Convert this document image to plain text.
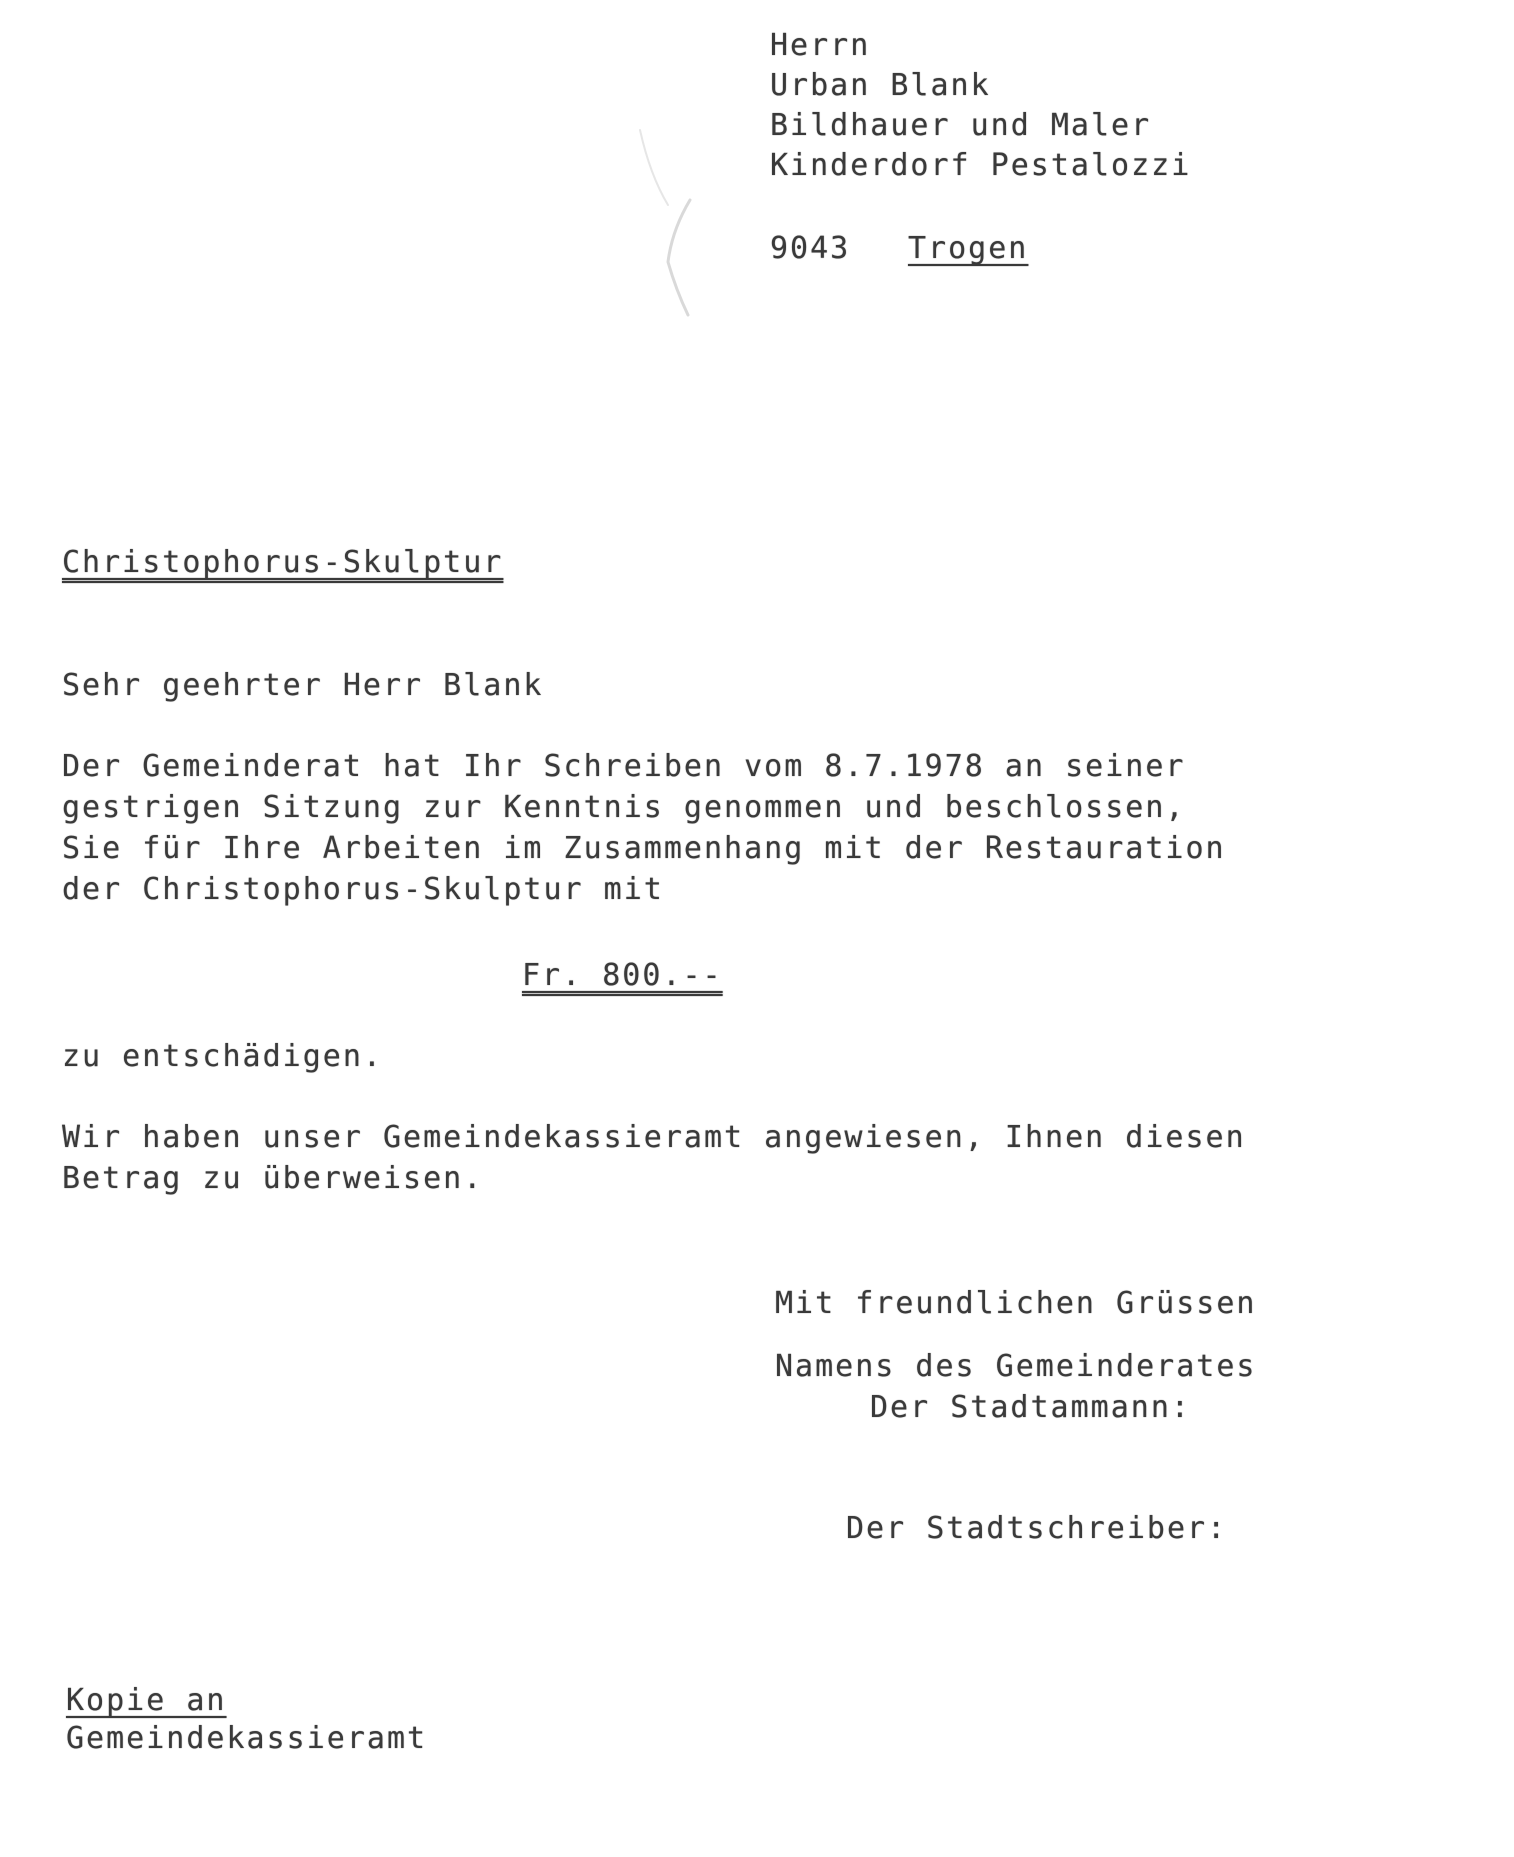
Herrn
Urban Blank
Bildhauer und Maler
Kinderdorf Pestalozzi
9043 Trogen
Christophorus-Skulptur
Sehr geehrter Herr Blank
Der Gemeinderat hat Ihr Schreiben vom 8.7.1978 an seiner
gestrigen Sitzung zur Kenntnis genommen und beschlossen,
Sie für Ihre Arbeiten im Zusammenhang mit der Restauration
der Christophorus-Skulptur mit
Fr. 800.--
zu entschädigen.
Wir haben unser Gemeindekassieramt angewiesen, Ihnen diesen
Betrag zu überweisen.
Mit freundlichen Grüssen
Namens des Gemeinderates
Der Stadtammann:
Der Stadtschreiber:
Kopie an
Gemeindekassieramt
